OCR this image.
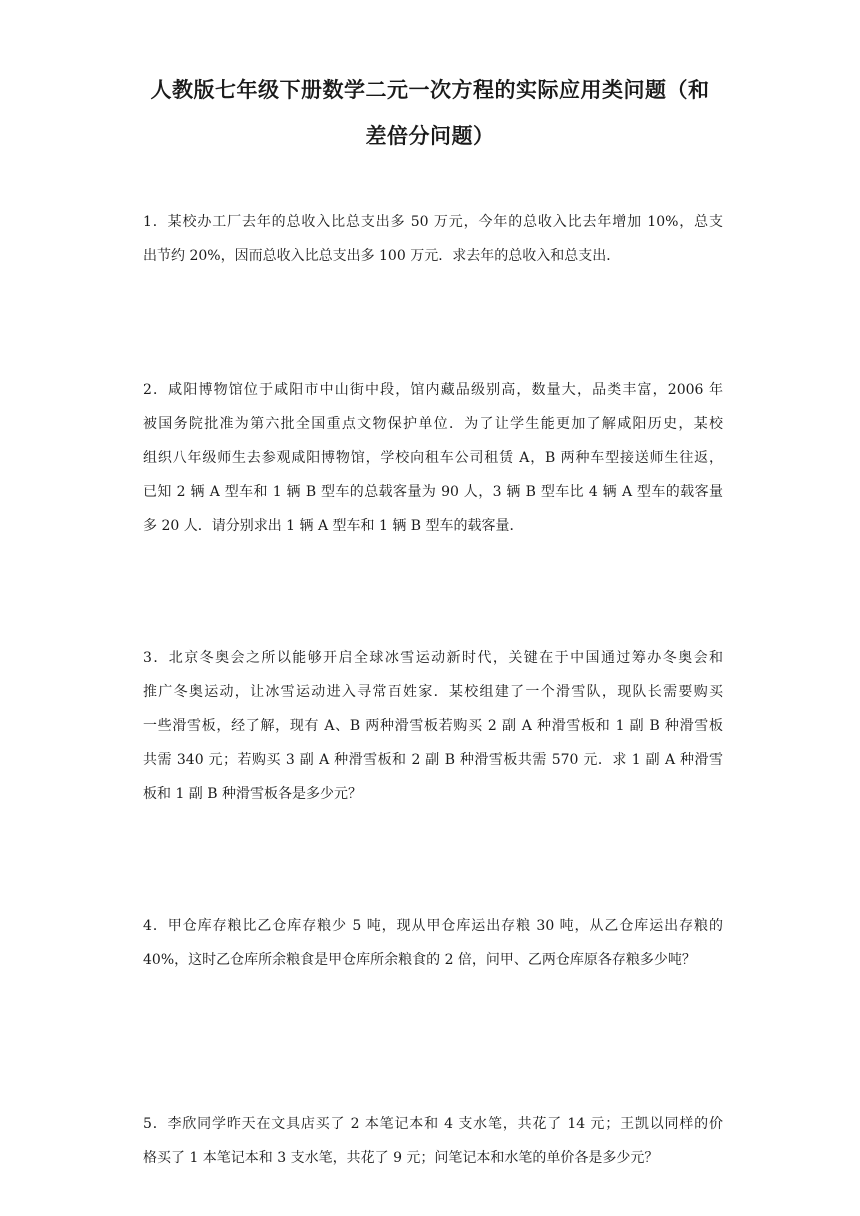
人教版七年级下册数学二元一次方程的实际应用类问题（和
差倍分问题）
1．某校办工厂去年的总收入比总支出多 50 万元，今年的总收入比去年增加 10%，总支
出节约 20%，因而总收入比总支出多 100 万元．求去年的总收入和总支出．
2．咸阳博物馆位于咸阳市中山街中段，馆内藏品级别高，数量大，品类丰富，2006 年
被国务院批准为第六批全国重点文物保护单位．为了让学生能更加了解咸阳历史，某校
组织八年级师生去参观咸阳博物馆，学校向租车公司租赁 A，B 两种车型接送师生往返，
已知 2 辆 A 型车和 1 辆 B 型车的总载客量为 90 人，3 辆 B 型车比 4 辆 A 型车的载客量
多 20 人．请分别求出 1 辆 A 型车和 1 辆 B 型车的载客量．
3．北京冬奥会之所以能够开启全球冰雪运动新时代，关键在于中国通过筹办冬奥会和
推广冬奥运动，让冰雪运动进入寻常百姓家．某校组建了一个滑雪队，现队长需要购买
一些滑雪板，经了解，现有 A、B 两种滑雪板若购买 2 副 A 种滑雪板和 1 副 B 种滑雪板
共需 340 元；若购买 3 副 A 种滑雪板和 2 副 B 种滑雪板共需 570 元．求 1 副 A 种滑雪
板和 1 副 B 种滑雪板各是多少元？
4．甲仓库存粮比乙仓库存粮少 5 吨，现从甲仓库运出存粮 30 吨，从乙仓库运出存粮的
40%，这时乙仓库所余粮食是甲仓库所余粮食的 2 倍，问甲、乙两仓库原各存粮多少吨？
5．李欣同学昨天在文具店买了 2 本笔记本和 4 支水笔，共花了 14 元；王凯以同样的价
格买了 1 本笔记本和 3 支水笔，共花了 9 元；问笔记本和水笔的单价各是多少元？
